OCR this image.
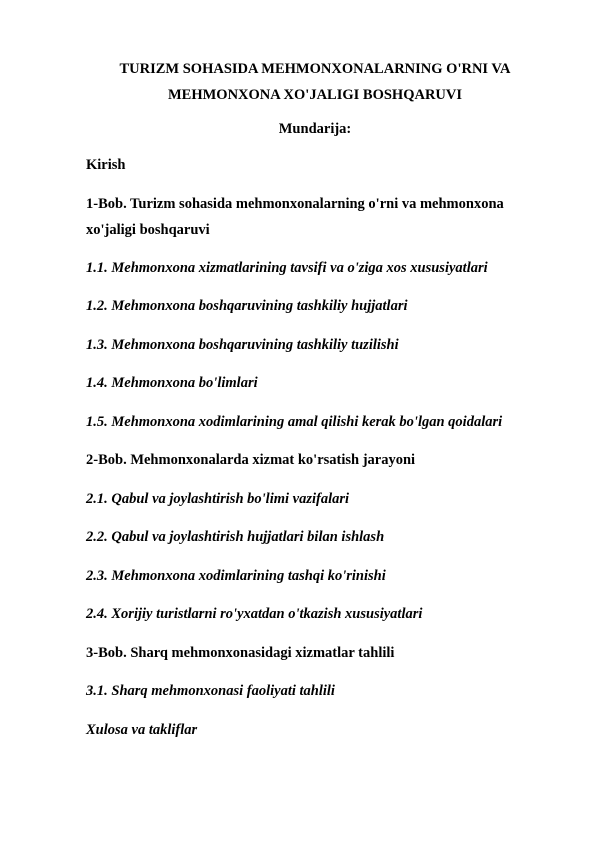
TURIZM SOHASIDA MEHMONXONALARNING O'RNI VA MEHMONXONA XO'JALIGI BOSHQARUVI
Mundarija:
Kirish
1-Bob. Turizm sohasida mehmonxonalarning o'rni va mehmonxona xo'jaligi boshqaruvi
1.1. Mehmonxona xizmatlarining tavsifi va o'ziga xos xususiyatlari
1.2. Mehmonxona boshqaruvining tashkiliy hujjatlari
1.3. Mehmonxona boshqaruvining tashkiliy tuzilishi
1.4. Mehmonxona bo'limlari
1.5. Mehmonxona xodimlarining amal qilishi kerak bo'lgan qoidalari
2-Bob. Mehmonxonalarda xizmat ko'rsatish jarayoni
2.1. Qabul va joylashtirish bo'limi vazifalari
2.2. Qabul va joylashtirish hujjatlari bilan ishlash
2.3. Mehmonxona xodimlarining tashqi ko'rinishi
2.4. Xorijiy turistlarni ro'yxatdan o'tkazish xususiyatlari
3-Bob. Sharq mehmonxonasidagi xizmatlar tahlili
3.1. Sharq mehmonxonasi faoliyati tahlili
Xulosa va takliflar
